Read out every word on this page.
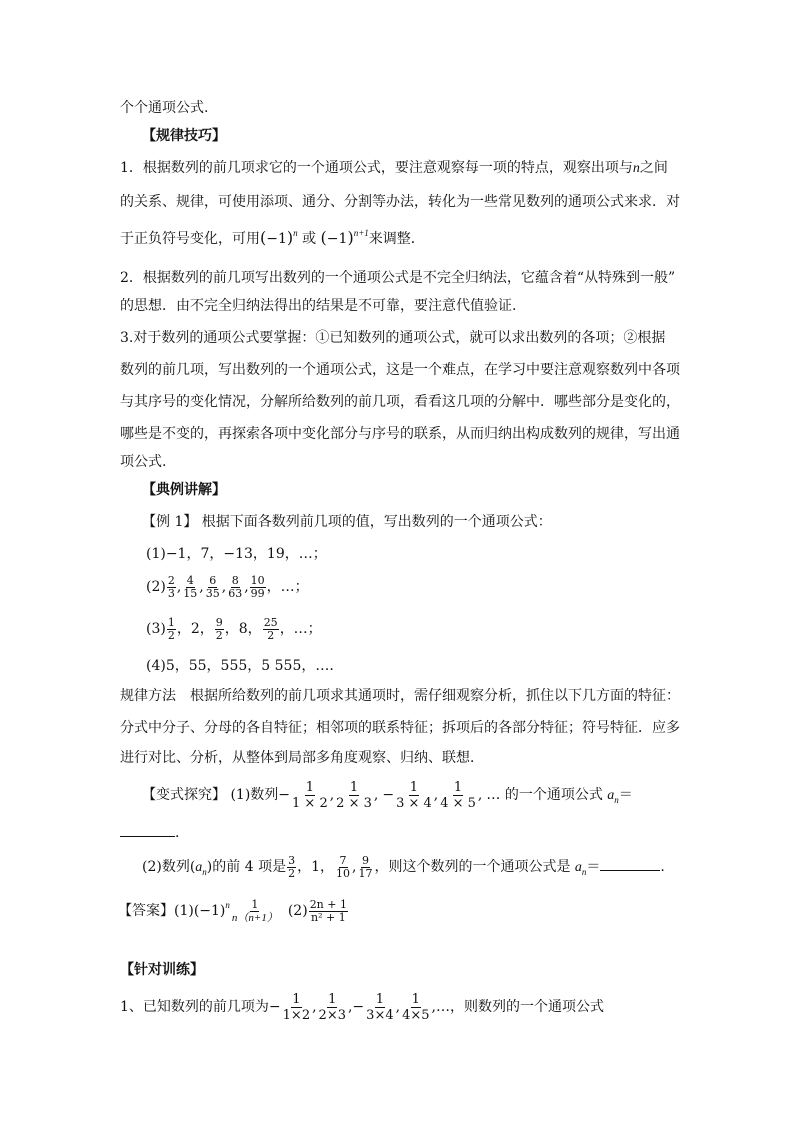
个个通项公式.
【规律技巧】
1．根据数列的前几项求它的一个通项公式，要注意观察每一项的特点，观察出项与n之间
的关系、规律，可使用添项、通分、分割等办法，转化为一些常见数列的通项公式来求．对
于正负符号变化，可用$(-1)^n$ 或 $(-1)^{n+1}$来调整．
2．根据数列的前几项写出数列的一个通项公式是不完全归纳法，它蕴含着“从特殊到一般”
的思想．由不完全归纳法得出的结果是不可靠，要注意代值验证.
3.对于数列的通项公式要掌握：①已知数列的通项公式，就可以求出数列的各项；②根据
数列的前几项，写出数列的一个通项公式，这是一个难点，在学习中要注意观察数列中各项
与其序号的变化情况，分解所给数列的前几项，看看这几项的分解中．哪些部分是变化的，
哪些是不变的，再探索各项中变化部分与序号的联系，从而归纳出构成数列的规律，写出通
项公式.
【典例讲解】
【例 1】 根据下面各数列前几项的值，写出数列的一个通项公式：
(1)−1，7，−13，19，…；
$(2) \frac{2}{3}$ , $\frac{4}{15}$ , $\frac{6}{35}$ , $\frac{8}{63}$ , $\frac{10}{99}$ ，…；
$(3) \frac{1}{2}$ ，2， $\frac{9}{2}$ ，8， $\frac{25}{2}$ ，…；
(4)5，55，555，5 555，….
规律方法　根据所给数列的前几项求其通项时，需仔细观察分析，抓住以下几方面的特征：
分式中分子、分母的各自特征；相邻项的联系特征；拆项后的各部分特征；符号特征．应多
进行对比、分析，从整体到局部多角度观察、归纳、联想．
【变式探究】 (1)数列− $\frac{1}{1 \times 2}$ , $\frac{1}{2 \times 3}$ , − $\frac{1}{3 \times 4}$ , $\frac{1}{4 \times 5}$ , … 的一个通项公式 $a_n=$
.
(2)数列$(a_n)$的前 4 项是 $\frac{3}{2}$ ，1， $\frac{7}{10}$ , $\frac{9}{17}$ ，则这个数列的一个通项公式是 $a_n=$	.
【答案】$(1)(-1)^n \frac{1}{n(n+1)} (2) \frac{2n + 1}{\text{n² + 1}}$
【针对训练】
1、已知数列的前几项为− $\frac{1}{1\times 2}$ , $\frac{1}{2\times 3}$ ,− $\frac{1}{3\times 4}$ , $\frac{1}{4\times 5}$ ,…，则数列的一个通项公式
